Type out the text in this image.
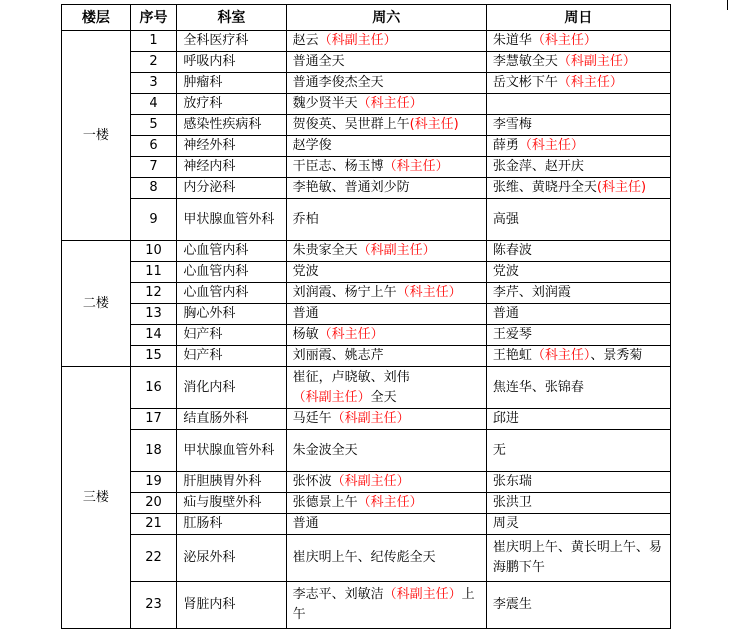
楼层	序号	科室	周六	周日
一楼	1	全科医疗科	赵云（科副主任）	朱道华（科主任）
	2	呼吸内科	普通全天	李慧敏全天（科副主任）
	3	肿瘤科	普通李俊杰全天	岳文彬下午（科主任）
	4	放疗科	魏少贤半天（科主任）	
	5	感染性疾病科	贺俊英、吴世群上午(科主任)	李雪梅
	6	神经外科	赵学俊	薛勇（科主任）
	7	神经内科	干臣志、杨玉博（科主任）	张金萍、赵开庆
	8	内分泌科	李艳敏、普通刘少防	张维、黄晓丹全天(科主任)
	9	甲状腺血管外科	乔柏	高强
二楼	10	心血管内科	朱贵家全天（科副主任）	陈春波
	11	心血管内科	党波	党波
	12	心血管内科	刘润霞、杨宁上午（科主任）	李芹、刘润霞
	13	胸心外科	普通	普通
	14	妇产科	杨敏（科主任）	王爱琴
	15	妇产科	刘丽霞、姚志芹	王艳虹（科主任）、景秀菊
三楼	16	消化内科	崔征，卢晓敏、刘伟（科副主任）全天	焦连华、张锦春
	17	结直肠外科	马廷午（科副主任）	邱进
	18	甲状腺血管外科	朱金波全天	无
	19	肝胆胰胃外科	张怀波（科副主任）	张东瑞
	20	疝与腹壁外科	张德景上午（科主任）	张洪卫
	21	肛肠科	普通	周灵
	22	泌尿外科	崔庆明上午、纪传彪全天	崔庆明上午、黄长明上午、易海鹏下午
	23	肾脏内科	李志平、刘敏洁（科副主任）上午	李震生
